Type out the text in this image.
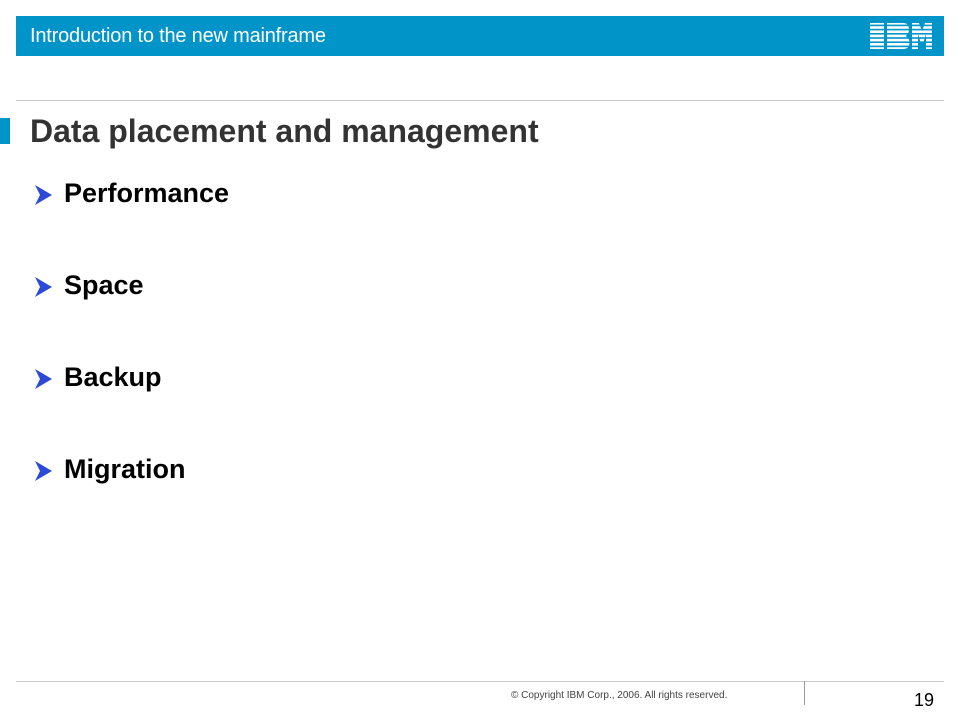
Introduction to the new mainframe
Data placement and management
Performance
Space
Backup
Migration
© Copyright IBM Corp., 2006. All rights reserved.	19
